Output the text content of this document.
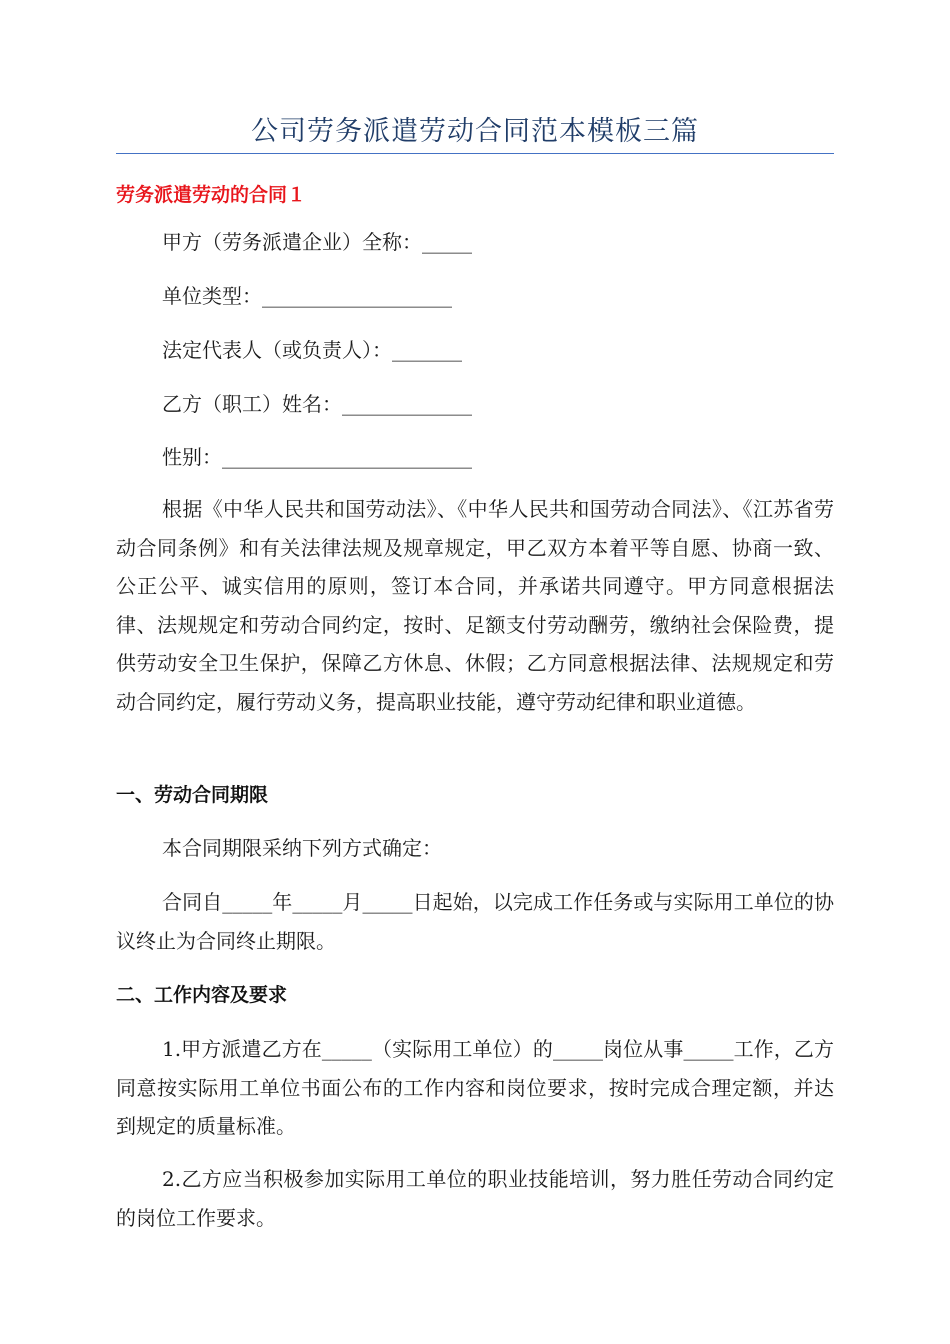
公司劳务派遣劳动合同范本模板三篇
劳务派遣劳动的合同１

甲方（劳务派遣企业）全称：_____

单位类型：___________________

法定代表人（或负责人）：_______

乙方（职工）姓名：_____________

性别：_________________________

根据《中华人民共和国劳动法》、《中华人民共和国劳动合同法》、《江苏省劳动合同条例》和有关法律法规及规章规定，甲乙双方本着平等自愿、协商一致、公正公平、诚实信用的原则，签订本合同，并承诺共同遵守。甲方同意根据法律、法规规定和劳动合同约定，按时、足额支付劳动酬劳，缴纳社会保险费，提供劳动安全卫生保护，保障乙方休息、休假；乙方同意根据法律、法规规定和劳动合同约定，履行劳动义务，提高职业技能，遵守劳动纪律和职业道德。

一、劳动合同期限

本合同期限采纳下列方式确定：

合同自_____年_____月_____日起始，以完成工作任务或与实际用工单位的协议终止为合同终止期限。

二、工作内容及要求

1.甲方派遣乙方在_____（实际用工单位）的_____岗位从事_____工作，乙方同意按实际用工单位书面公布的工作内容和岗位要求，按时完成合理定额，并达到规定的质量标准。

2.乙方应当积极参加实际用工单位的职业技能培训，努力胜任劳动合同约定的岗位工作要求。
